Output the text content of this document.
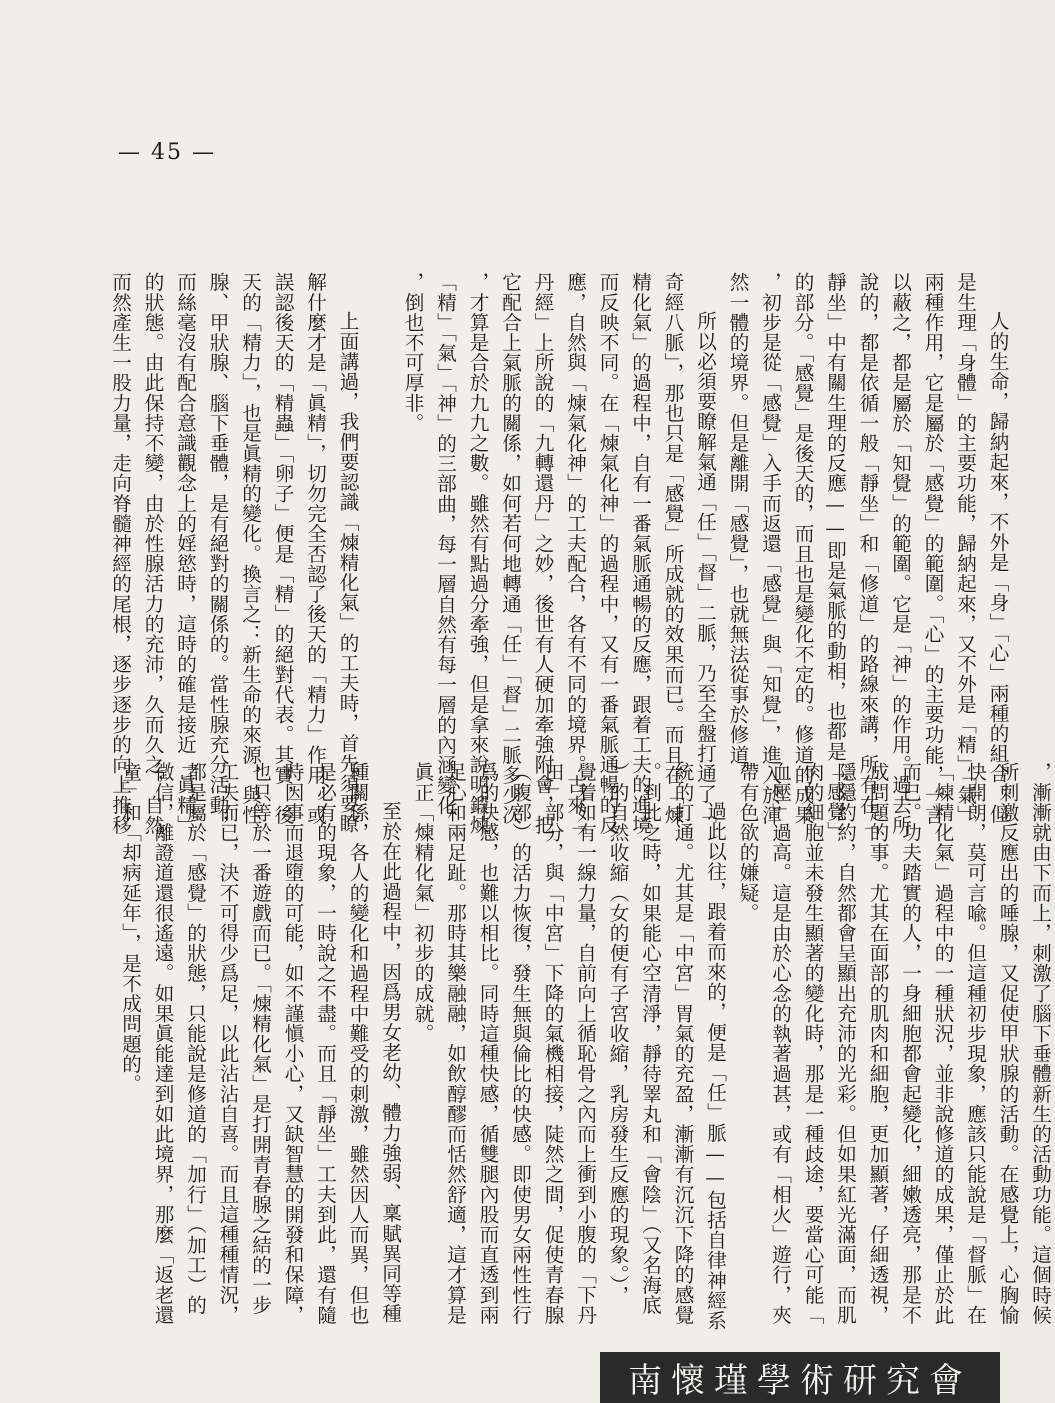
— 45 —
人的生命，歸納起來，不外是「身」「心」兩種的組合。但
是生理「身體」的主要功能，歸納起來，又不外是「精」「氣」
兩種作用，它是屬於「感覺」的範圍。「心」的主要功能，一言
以蔽之，都是屬於「知覺」的範圍。它是「神」的作用。過去所
說的，都是依循一般「靜坐」和「修道」的路線來講，所有在「
靜坐」中有關生理的反應——即是氣脈的動相，也都是「感覺」
的部分。「感覺」是後天的，而且也是變化不定的。修道的成果
，初步是從「感覺」入手而返還「感覺」與「知覺」，進入於渾
然一體的境界。但是離開「感覺」，也就無法從事於修道。
所以必須要瞭解氣通「任」「督」二脈，乃至全盤打通了「
奇經八脈」，那也只是「感覺」所成就的效果而已。而且在「煉
精化氣」的過程中，自有一番氣脈通暢的反應，跟着工夫的進境
而反映不同。在「煉氣化神」的過程中，又有一番氣脈通暢的反
應，自然與「煉氣化神」的工夫配合，各有不同的境界。古來「
丹經」上所說的「九轉還丹」之妙，後世有人硬加牽強附會，把
它配合上氣脈的關係，如何若何地轉通「任」「督」二脈多少次
，才算是合於九九之數。雖然有點過分牽強，但是拿來說明鍛煉
「精」「氣」「神」的三部曲，每一層自然有每一層的內涵變化
，倒也不可厚非。
上面講過，我們要認識「煉精化氣」的工夫時，首先須要瞭
解什麼才是「眞精」，切勿完全否認了後天的「精力」作用，或
誤認後天的「精蟲」「卵子」便是「精」的絕對代表。其實，後
天的「精力」，也是眞精的變化。換言之：新生命的來源，與性
腺、甲狀腺、腦下垂體，是有絕對的關係的。當性腺充分活動，
而絲毫沒有配合意識觀念上的婬慾時，這時的確是接近「眞精」
的狀態。由此保持不變，由於性腺活力的充沛，久而久之，自然
而然產生一股力量，走向脊髓神經的尾根，逐步逐步的向上推移
，漸漸就由下而上，刺激了腦下垂體新生的活動功能。這個時候
所刺激反應出的唾腺，又促使甲狀腺的活動。在感覺上，心胸愉
快開朗，莫可言喩。但這種初步現象，應該只能說是「督脈」在
「煉精化氣」過程中的一種狀況，並非說修道的成果，僅止於此
而已。功夫踏實的人，一身細胞都會起變化，細嫩透亮，那是不
成問題的事。尤其在面部的肌肉和細胞，更加顯著，仔細透視，
隱隱約約，自然都會呈顯出充沛的光彩。但如果紅光滿面，而肌
肉的細胞並未發生顯著的變化時，那是一種歧途，要當心可能「
血壓」過高。這是由於心念的執著過甚，或有「相火」遊行，夾
帶有色欲的嫌疑。
過此以往，跟着而來的，便是「任」脈——包括自律神經系
統的打通。尤其是「中宮」胃氣的充盈，漸漸有沉沉下降的感覺
。到此之時，如果能心空清淨，靜待睪丸和「會陰」（又名海底
）的自然收縮（女的便有子宮收縮，乳房發生反應的現象。），
覺着如有一線力量，自前向上循恥骨之內而上衝到小腹的「下丹
田」部分，與「中宮」下降的氣機相接，陡然之間，促使青春腺
（腹部）的活力恢復，發生無與倫比的快感。即使男女兩性性行
爲的快感，也難以相比。同時這種快感，循雙腿內股而直透到兩
足心和兩足趾。那時其樂融融，如飲醇醪而恬然舒適，這才算是
眞正「煉精化氣」初步的成就。
至於在此過程中，因爲男女老幼、體力強弱、稟賦異同等種
種關係，各人的變化和過程中難受的刺激，雖然因人而異，但也
是必有的現象，一時說之不盡。而且「靜坐」工夫到此，還有隨
時因事而退墮的可能，如不謹愼小心，又缺智慧的開發和保障，
也只等於一番遊戲而已。「煉精化氣」是打開青春腺之結的一步
工夫而已，決不可得少爲足，以此沾沾自喜。而且這種種情況，
都是屬於「感覺」的狀態，只能說是修道的「加行」（加工）的
徵信，離證道還很遙遠。如果眞能達到如此境界，那麼「返老還
童」和「却病延年」，是不成問題的。
南懷瑾學術研究會
